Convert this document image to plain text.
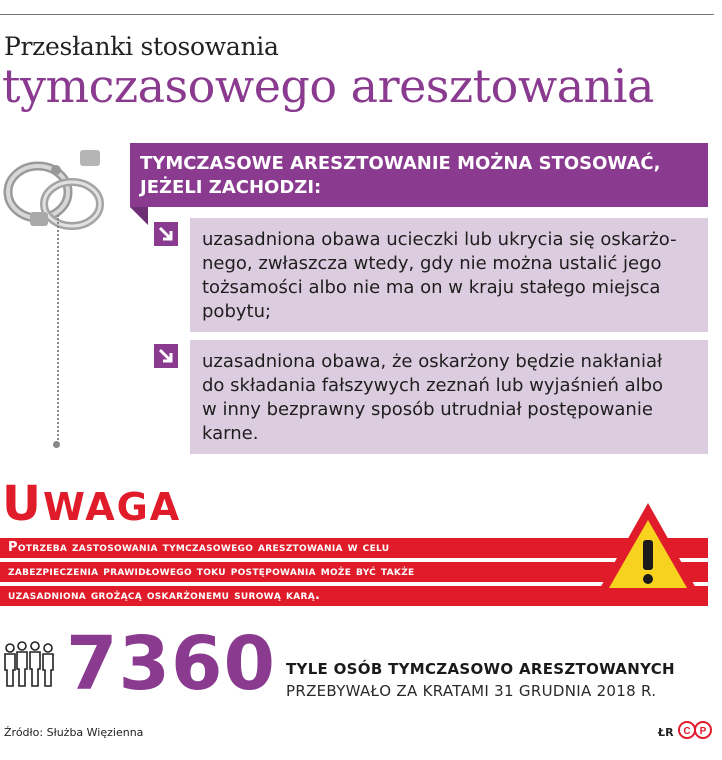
Przesłanki stosowania
tymczasowego aresztowania
TYMCZASOWE ARESZTOWANIE MOŻNA STOSOWAĆ,
JEŻELI ZACHODZI:
uzasadniona obawa ucieczki lub ukrycia się oskarżo-
nego, zwłaszcza wtedy, gdy nie można ustalić jego
tożsamości albo nie ma on w kraju stałego miejsca
pobytu;
uzasadniona obawa, że oskarżony będzie nakłaniał
do składania fałszywych zeznań lub wyjaśnień albo
w inny bezprawny sposób utrudniał postępowanie
karne.
UWAGA
Potrzeba zastosowania tymczasowego aresztowania w celu
zabezpieczenia prawidłowego toku postępowania może być także
uzasadniona grożącą oskarżonemu surową karą.
7360 TYLE OSÓB TYMCZASOWO ARESZTOWANYCH
PRZEBYWAŁO ZA KRATAMI 31 GRUDNIA 2018 R.
Źródło: Służba Więzienna	ŁR C P
